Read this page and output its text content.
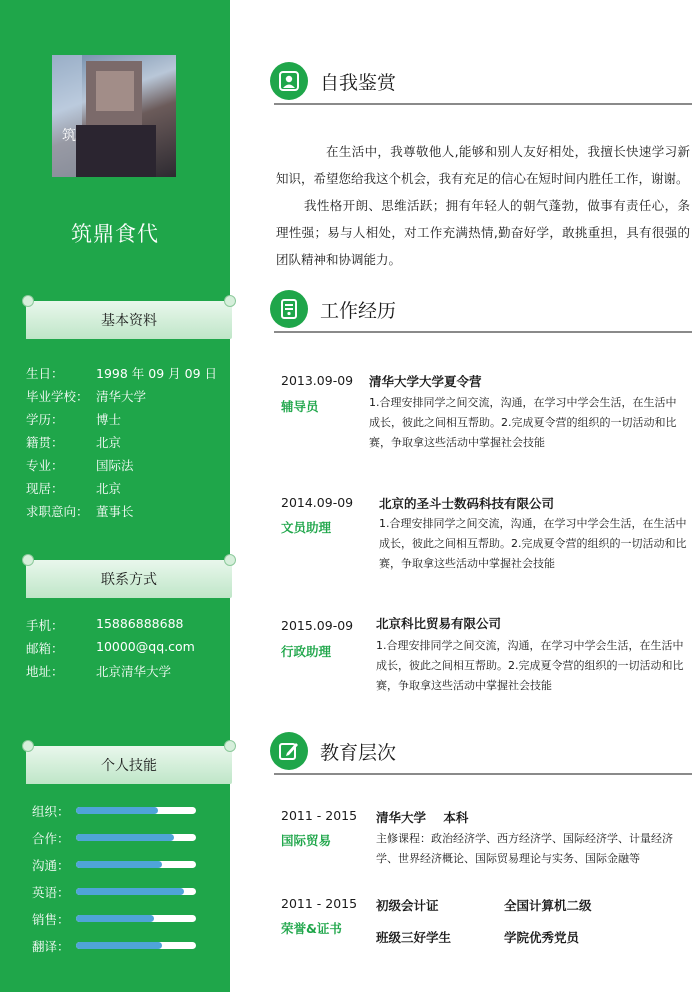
筑
筑鼎食代
基本资料
生日：	1998 年 09 月 09 日
毕业学校： 清华大学
学历：	博士
籍贯：	北京
专业：	国际法
现居：	北京
求职意向： 董事长
联系方式
手机：	15886888688
邮箱：	10000@qq.com
地址：	北京清华大学
个人技能
组织：
合作：
沟通：
英语：
销售：
翻译：
自我鉴赏
在生活中，我尊敬他人,能够和别人友好相处，我擅长快速学习新知识，希望您给我这个机会，我有充足的信心在短时间内胜任工作，谢谢。
我性格开朗、思维活跃；拥有年轻人的朝气蓬勃，做事有责任心，条理性强；易与人相处，对工作充满热情,勤奋好学，敢挑重担，具有很强的团队精神和协调能力。
工作经历
2013.09-09
辅导员
清华大学大学夏令营
1.合理安排同学之间交流，沟通，在学习中学会生活，在生活中成长，彼此之间相互帮助。2.完成夏令营的组织的一切活动和比赛，争取拿这些活动中掌握社会技能
2014.09-09
文员助理
北京的圣斗士数码科技有限公司
1.合理安排同学之间交流，沟通，在学习中学会生活，在生活中成长，彼此之间相互帮助。2.完成夏令营的组织的一切活动和比赛，争取拿这些活动中掌握社会技能
2015.09-09
行政助理
北京科比贸易有限公司
1.合理安排同学之间交流，沟通，在学习中学会生活，在生活中成长，彼此之间相互帮助。2.完成夏令营的组织的一切活动和比赛，争取拿这些活动中掌握社会技能
教育层次
2011 - 2015
国际贸易
清华大学    本科
主修课程：政治经济学、西方经济学、国际经济学、计量经济学、世界经济概论、国际贸易理论与实务、国际金融等
2011 - 2015
荣誉&证书
初级会计证	全国计算机二级
班级三好学生	学院优秀党员
